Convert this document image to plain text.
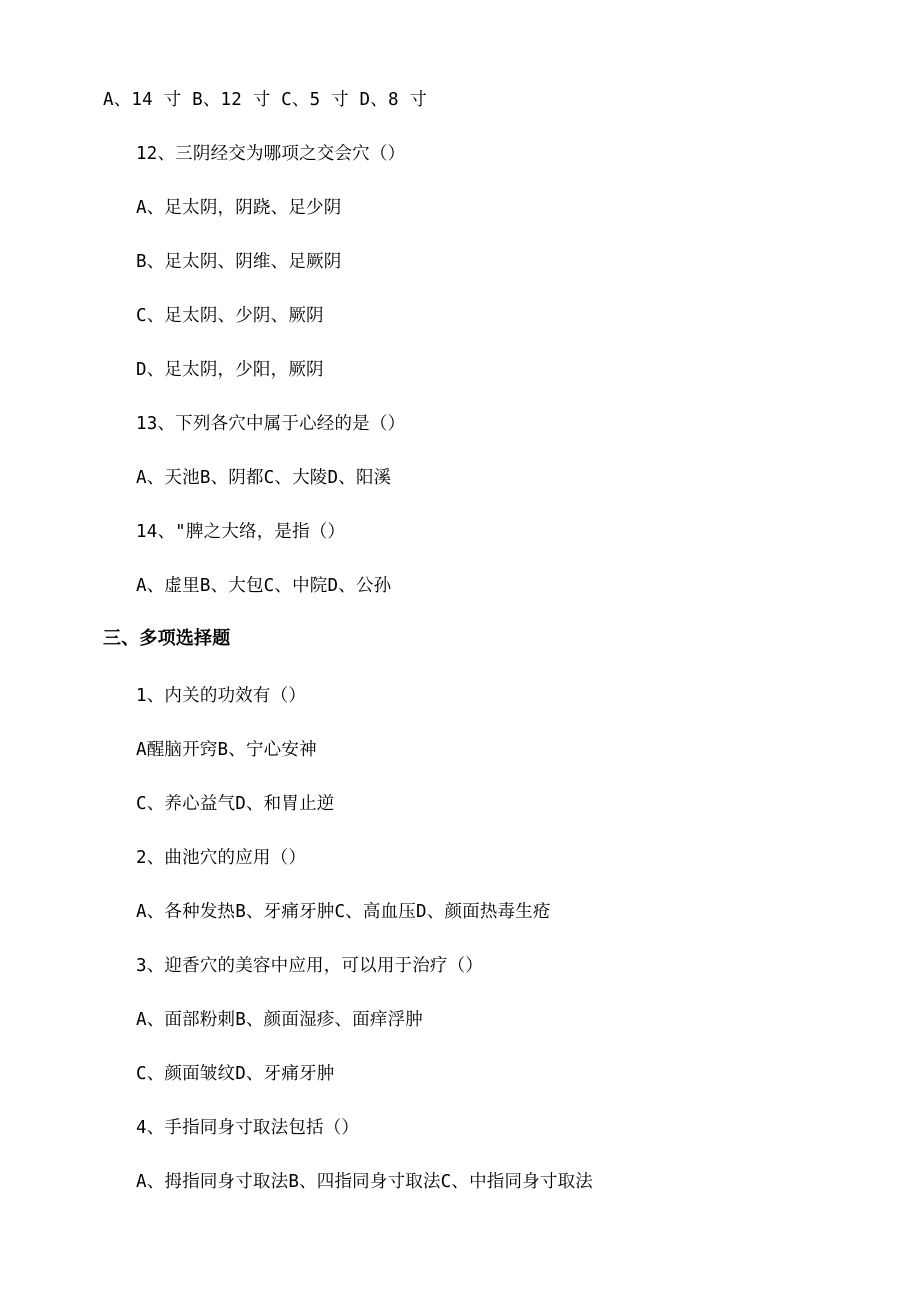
A、14 寸 B、12 寸 C、5 寸 D、8 寸
12、三阴经交为哪项之交会穴（）
A、足太阴，阴跷、足少阴
B、足太阴、阴维、足厥阴
C、足太阴、少阴、厥阴
D、足太阴，少阳，厥阴
13、下列各穴中属于心经的是（）
A、天池B、阴都C、大陵D、阳溪
14、"脾之大络，是指（）
A、虚里B、大包C、中院D、公孙
三、多项选择题
1、内关的功效有（）
A醒脑开窍B、宁心安神
C、养心益气D、和胃止逆
2、曲池穴的应用（）
A、各种发热B、牙痛牙肿C、高血压D、颜面热毒生疮
3、迎香穴的美容中应用，可以用于治疗（）
A、面部粉刺B、颜面湿疹、面痒浮肿
C、颜面皱纹D、牙痛牙肿
4、手指同身寸取法包括（）
A、拇指同身寸取法B、四指同身寸取法C、中指同身寸取法
